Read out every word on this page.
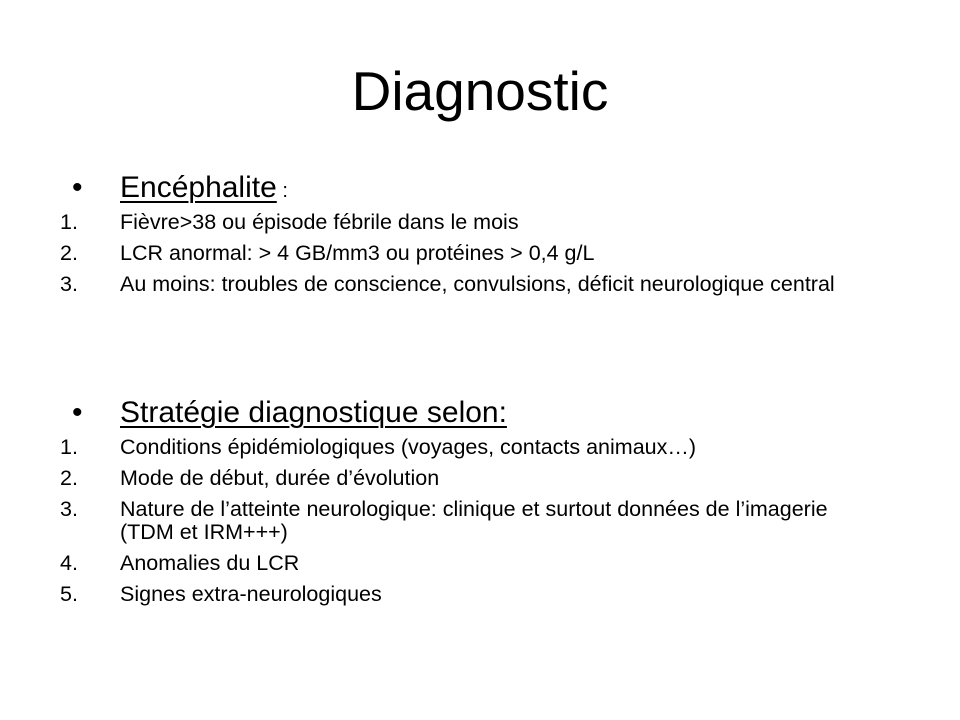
Diagnostic
• Encéphalite :
1. Fièvre>38 ou épisode fébrile dans le mois
2. LCR anormal: > 4 GB/mm3 ou protéines > 0,4 g/L
3. Au moins: troubles de conscience, convulsions, déficit neurologique central
• Stratégie diagnostique selon:
1. Conditions épidémiologiques (voyages, contacts animaux…)
2. Mode de début, durée d’évolution
3. Nature de l’atteinte neurologique: clinique et surtout données de l’imagerie (TDM et IRM+++)
4. Anomalies du LCR
5. Signes extra-neurologiques
